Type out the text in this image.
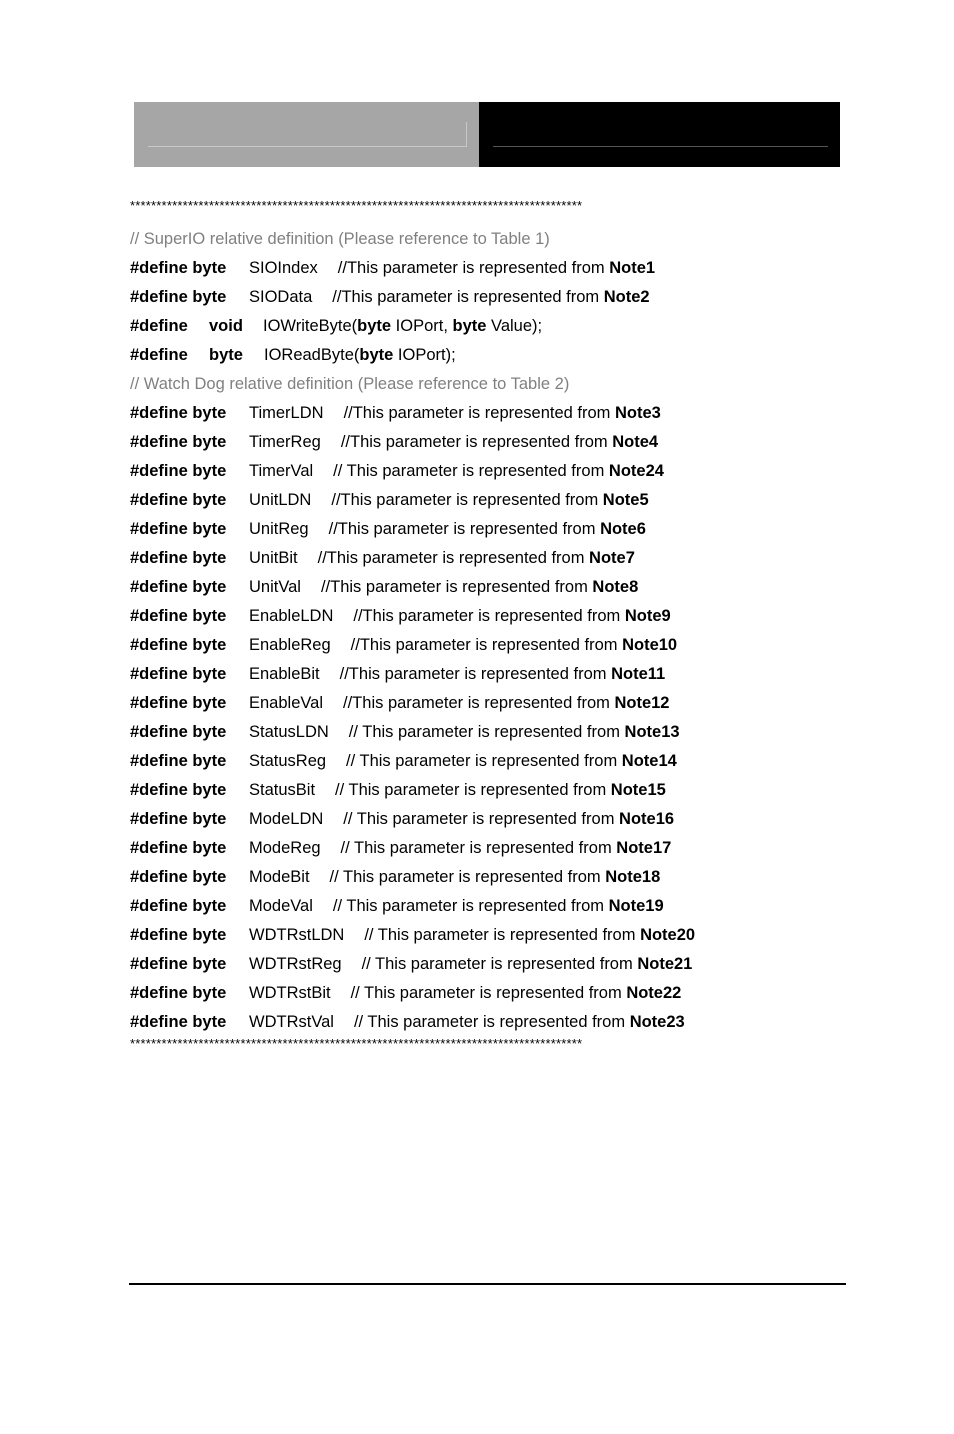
**************************************************************************************
// SuperIO relative definition (Please reference to Table 1)
#define byte SIOIndex //This parameter is represented from Note1
#define byte SIOData //This parameter is represented from Note2
#define void IOWriteByte(byte IOPort, byte Value);
#define byte IOReadByte(byte IOPort);
// Watch Dog relative definition (Please reference to Table 2)
#define byte TimerLDN //This parameter is represented from Note3
#define byte TimerReg //This parameter is represented from Note4
#define byte TimerVal // This parameter is represented from Note24
#define byte UnitLDN //This parameter is represented from Note5
#define byte UnitReg //This parameter is represented from Note6
#define byte UnitBit //This parameter is represented from Note7
#define byte UnitVal //This parameter is represented from Note8
#define byte EnableLDN //This parameter is represented from Note9
#define byte EnableReg //This parameter is represented from Note10
#define byte EnableBit //This parameter is represented from Note11
#define byte EnableVal //This parameter is represented from Note12
#define byte StatusLDN // This parameter is represented from Note13
#define byte StatusReg // This parameter is represented from Note14
#define byte StatusBit // This parameter is represented from Note15
#define byte ModeLDN // This parameter is represented from Note16
#define byte ModeReg // This parameter is represented from Note17
#define byte ModeBit // This parameter is represented from Note18
#define byte ModeVal // This parameter is represented from Note19
#define byte WDTRstLDN // This parameter is represented from Note20
#define byte WDTRstReg // This parameter is represented from Note21
#define byte WDTRstBit // This parameter is represented from Note22
#define byte WDTRstVal // This parameter is represented from Note23
**************************************************************************************
